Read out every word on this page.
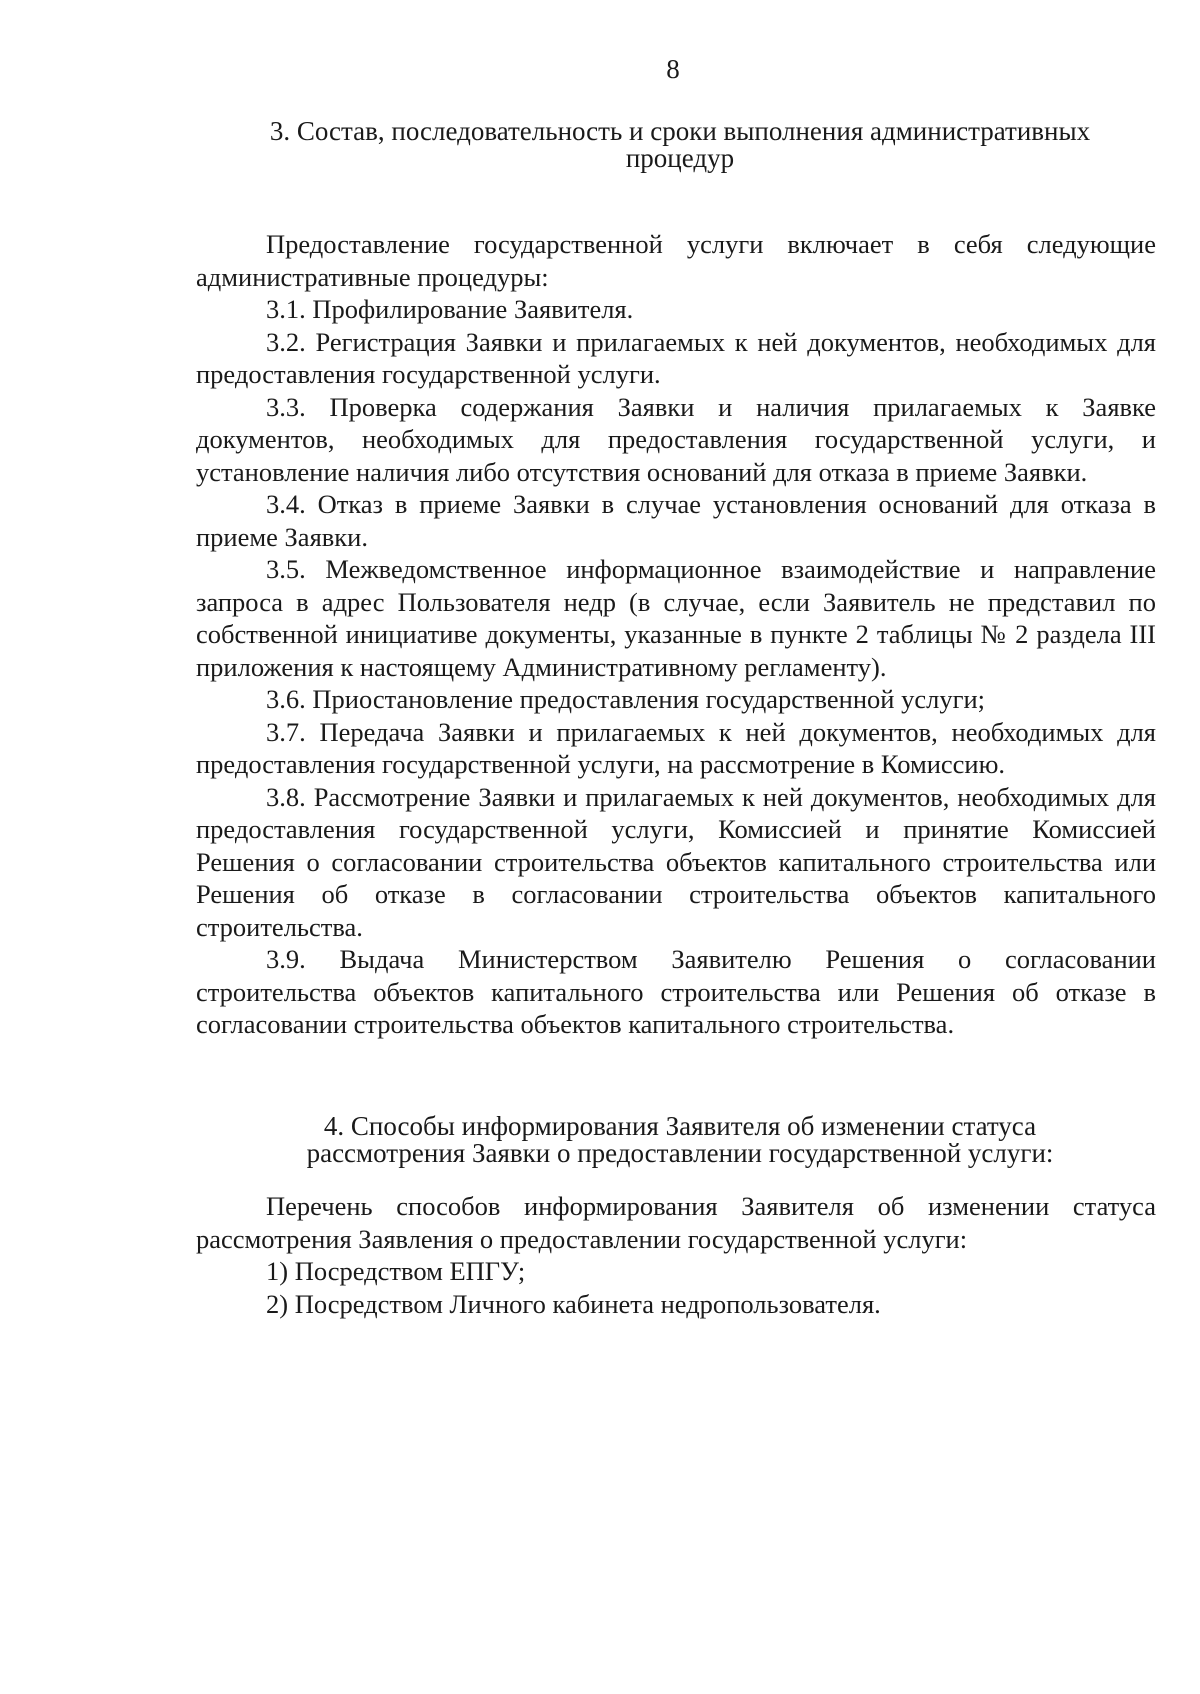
8
3. Состав, последовательность и сроки выполнения административных процедур

Предоставление государственной услуги включает в себя следующие административные процедуры:

3.1. Профилирование Заявителя.

3.2. Регистрация Заявки и прилагаемых к ней документов, необходимых для предоставления государственной услуги.

3.3. Проверка содержания Заявки и наличия прилагаемых к Заявке документов, необходимых для предоставления государственной услуги, и установление наличия либо отсутствия оснований для отказа в приеме Заявки.

3.4. Отказ в приеме Заявки в случае установления оснований для отказа в приеме Заявки.

3.5. Межведомственное информационное взаимодействие и направление запроса в адрес Пользователя недр (в случае, если Заявитель не представил по собственной инициативе документы, указанные в пункте 2 таблицы № 2 раздела III приложения к настоящему Административному регламенту).

3.6. Приостановление предоставления государственной услуги;

3.7. Передача Заявки и прилагаемых к ней документов, необходимых для предоставления государственной услуги, на рассмотрение в Комиссию.

3.8. Рассмотрение Заявки и прилагаемых к ней документов, необходимых для предоставления государственной услуги, Комиссией и принятие Комиссией Решения о согласовании строительства объектов капитального строительства или Решения об отказе в согласовании строительства объектов капитального строительства.

3.9. Выдача Министерством Заявителю Решения о согласовании строительства объектов капитального строительства или Решения об отказе в согласовании строительства объектов капитального строительства.

4. Способы информирования Заявителя об изменении статуса рассмотрения Заявки о предоставлении государственной услуги:

Перечень способов информирования Заявителя об изменении статуса рассмотрения Заявления о предоставлении государственной услуги:

1) Посредством ЕПГУ;

2) Посредством Личного кабинета недропользователя.
